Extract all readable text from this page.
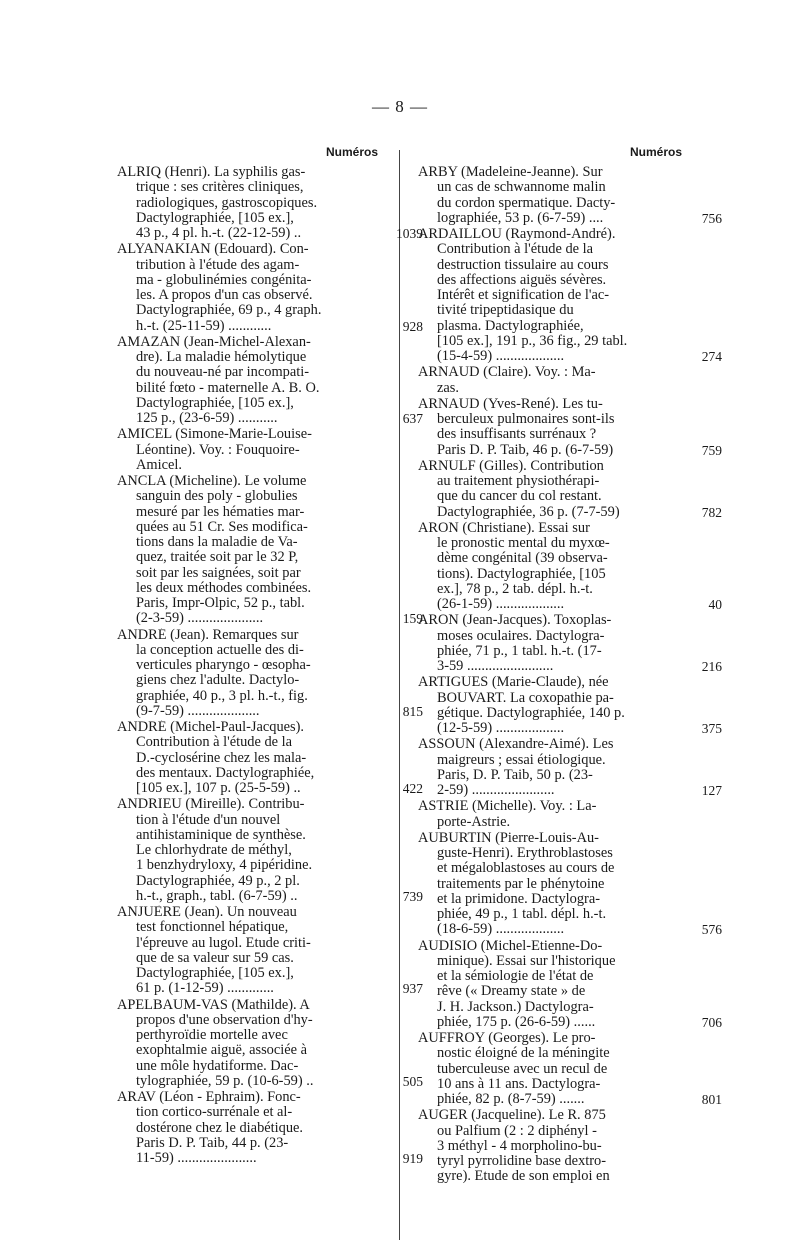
— 8 —
Numéros	Numéros
ALRIQ (Henri). La syphilis gas-
trique : ses critères cliniques,
radiologiques, gastroscopiques.
Dactylographiée, [105 ex.],
43 p., 4 pl. h.-t. (22-12-59) ..	1039
ALYANAKIAN (Edouard). Con-
tribution à l'étude des agam-
ma - globulinémies congénita-
les. A propos d'un cas observé.
Dactylographiée, 69 p., 4 graph.
h.-t. (25-11-59) ............	928
AMAZAN (Jean-Michel-Alexan-
dre). La maladie hémolytique
du nouveau-né par incompati-
bilité fœto - maternelle A. B. O.
Dactylographiée, [105 ex.],
125 p., (23-6-59) ...........	637
AMICEL (Simone-Marie-Louise-
Léontine). Voy. : Fouquoire-
Amicel.
ANCLA (Micheline). Le volume
sanguin des poly - globulies
mesuré par les hématies mar-
quées au 51 Cr. Ses modifica-
tions dans la maladie de Va-
quez, traitée soit par le 32 P,
soit par les saignées, soit par
les deux méthodes combinées.
Paris, Impr-Olpic, 52 p., tabl.
(2-3-59) .....................	159
ANDRÉ (Jean). Remarques sur
la conception actuelle des di-
verticules pharyngo - œsopha-
giens chez l'adulte. Dactylo-
graphiée, 40 p., 3 pl. h.-t., fig.
(9-7-59) ....................	815
ANDRÉ (Michel-Paul-Jacques).
Contribution à l'étude de la
D.-cyclosérine chez les mala-
des mentaux. Dactylographiée,
[105 ex.], 107 p. (25-5-59) ..	422
ANDRIEU (Mireille). Contribu-
tion à l'étude d'un nouvel
antihistaminique de synthèse.
Le chlorhydrate de méthyl,
1 benzhydryloxy, 4 pipéridine.
Dactylographiée, 49 p., 2 pl.
h.-t., graph., tabl. (6-7-59) ..	739
ANJUÈRE (Jean). Un nouveau
test fonctionnel hépatique,
l'épreuve au lugol. Etude criti-
que de sa valeur sur 59 cas.
Dactylographiée, [105 ex.],
61 p. (1-12-59) .............	937
APELBAUM-VAS (Mathilde). A
propos d'une observation d'hy-
perthyroïdie mortelle avec
exophtalmie aiguë, associée à
une môle hydatiforme. Dac-
tylographiée, 59 p. (10-6-59) ..	505
ARAV (Léon - Ephraim). Fonc-
tion cortico-surrénale et al-
dostérone chez le diabétique.
Paris D. P. Taib, 44 p. (23-
11-59) ......................	919
ARBY (Madeleine-Jeanne). Sur
un cas de schwannome malin
du cordon spermatique. Dacty-
lographiée, 53 p. (6-7-59) ....	756
ARDAILLOU (Raymond-André).
Contribution à l'étude de la
destruction tissulaire au cours
des affections aiguës sévères.
Intérêt et signification de l'ac-
tivité tripeptidasique du
plasma. Dactylographiée,
[105 ex.], 191 p., 36 fig., 29 tabl.
(15-4-59) ...................	274
ARNAUD (Claire). Voy. : Ma-
zas.
ARNAUD (Yves-René). Les tu-
berculeux pulmonaires sont-ils
des insuffisants surrénaux ?
Paris D. P. Taib, 46 p. (6-7-59)	759
ARNULF (Gilles). Contribution
au traitement physiothérapi-
que du cancer du col restant.
Dactylographiée, 36 p. (7-7-59)	782
ARON (Christiane). Essai sur
le pronostic mental du myxœ-
dème congénital (39 observa-
tions). Dactylographiée, [105
ex.], 78 p., 2 tab. dépl. h.-t.
(26-1-59) ...................	40
ARON (Jean-Jacques). Toxoplas-
moses oculaires. Dactylogra-
phiée, 71 p., 1 tabl. h.-t. (17-
3-59 ........................	216
ARTIGUES (Marie-Claude), née
BOUVART. La coxopathie pa-
gétique. Dactylographiée, 140 p.
(12-5-59) ...................	375
ASSOUN (Alexandre-Aimé). Les
maigreurs ; essai étiologique.
Paris, D. P. Taib, 50 p. (23-
2-59) .......................	127
ASTRIE (Michelle). Voy. : La-
porte-Astrie.
AUBURTIN (Pierre-Louis-Au-
guste-Henri). Erythroblastoses
et mégaloblastoses au cours de
traitements par le phénytoine
et la primidone. Dactylogra-
phiée, 49 p., 1 tabl. dépl. h.-t.
(18-6-59) ...................	576
AUDISIO (Michel-Etienne-Do-
minique). Essai sur l'historique
et la sémiologie de l'état de
rêve (« Dreamy state » de
J. H. Jackson.) Dactylogra-
phiée, 175 p. (26-6-59) ......	706
AUFFROY (Georges). Le pro-
nostic éloigné de la méningite
tuberculeuse avec un recul de
10 ans à 11 ans. Dactylogra-
phiée, 82 p. (8-7-59) .......	801
AUGER (Jacqueline). Le R. 875
ou Palfium (2 : 2 diphényl -
3 méthyl - 4 morpholino-bu-
tyryl pyrrolidine base dextro-
gyre). Etude de son emploi en
